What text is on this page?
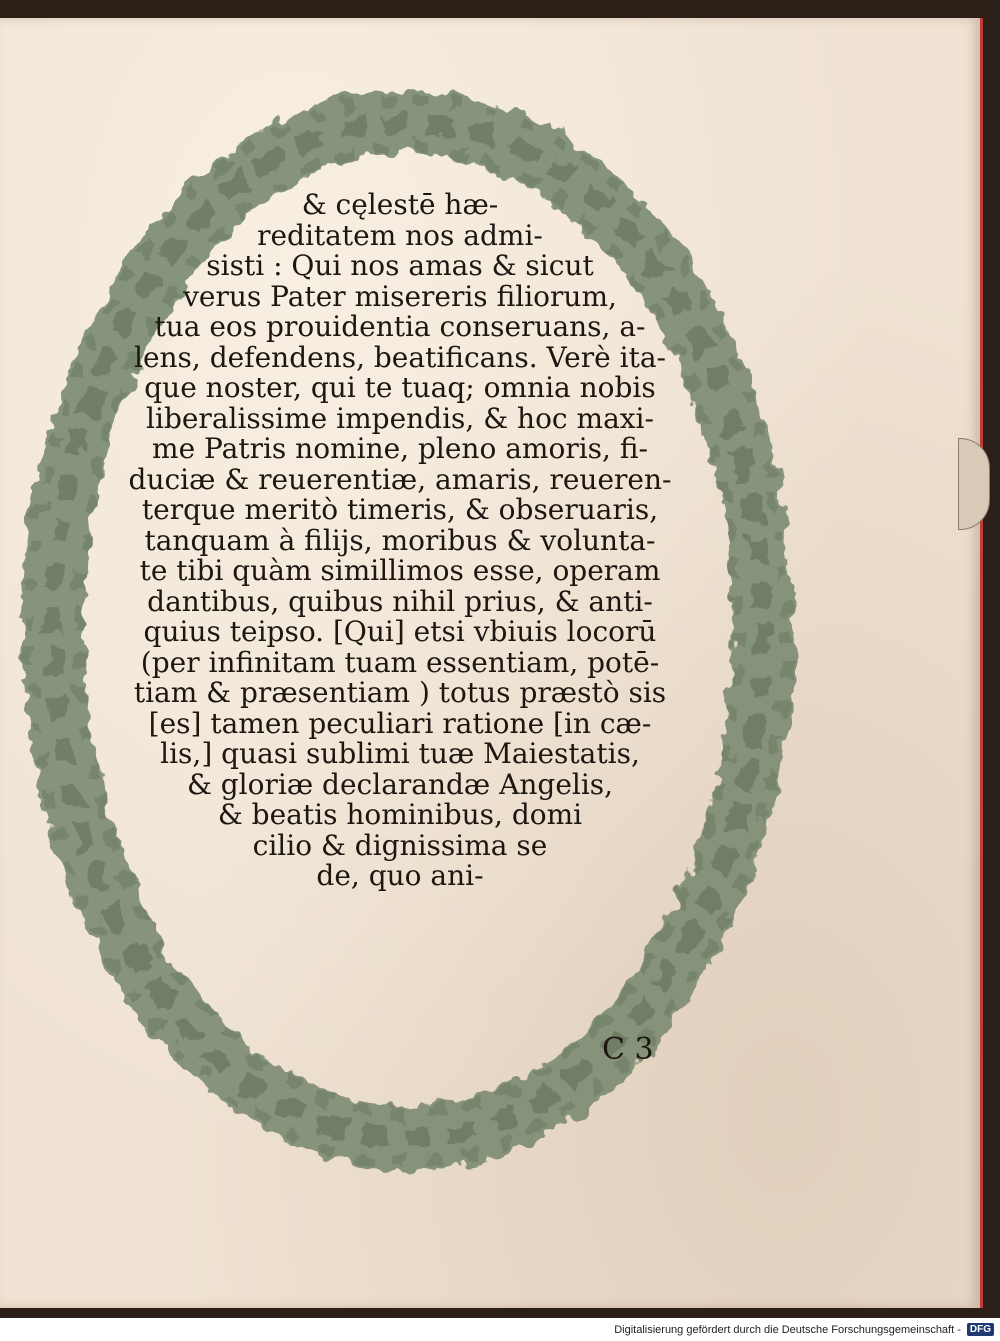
& cęlestē hæ-
reditatem nos admi-
sisti : Qui nos amas & sicut
verus Pater misereris filiorum,
tua eos prouidentia conseruans, a-
lens, defendens, beatificans. Verè ita-
que noster, qui te tuaq; omnia nobis
liberalissime impendis, & hoc maxi-
me Patris nomine, pleno amoris, fi-
duciæ & reuerentiæ, amaris, reueren-
terque meritò timeris, & obseruaris,
tanquam à filijs, moribus & volunta-
te tibi quàm simillimos esse, operam
dantibus, quibus nihil prius, & anti-
quius teipso. [Qui] etsi vbiuis locorū
(per infinitam tuam essentiam, potē-
tiam & præsentiam ) totus præstò sis
[es] tamen peculiari ratione [in cæ-
lis,] quasi sublimi tuæ Maiestatis,
& gloriæ declarandæ Angelis,
& beatis hominibus, domi
cilio & dignissima se
de, quo ani-
C 3
Digitalisierung gefördert durch die Deutsche Forschungsgemeinschaft - DFG
